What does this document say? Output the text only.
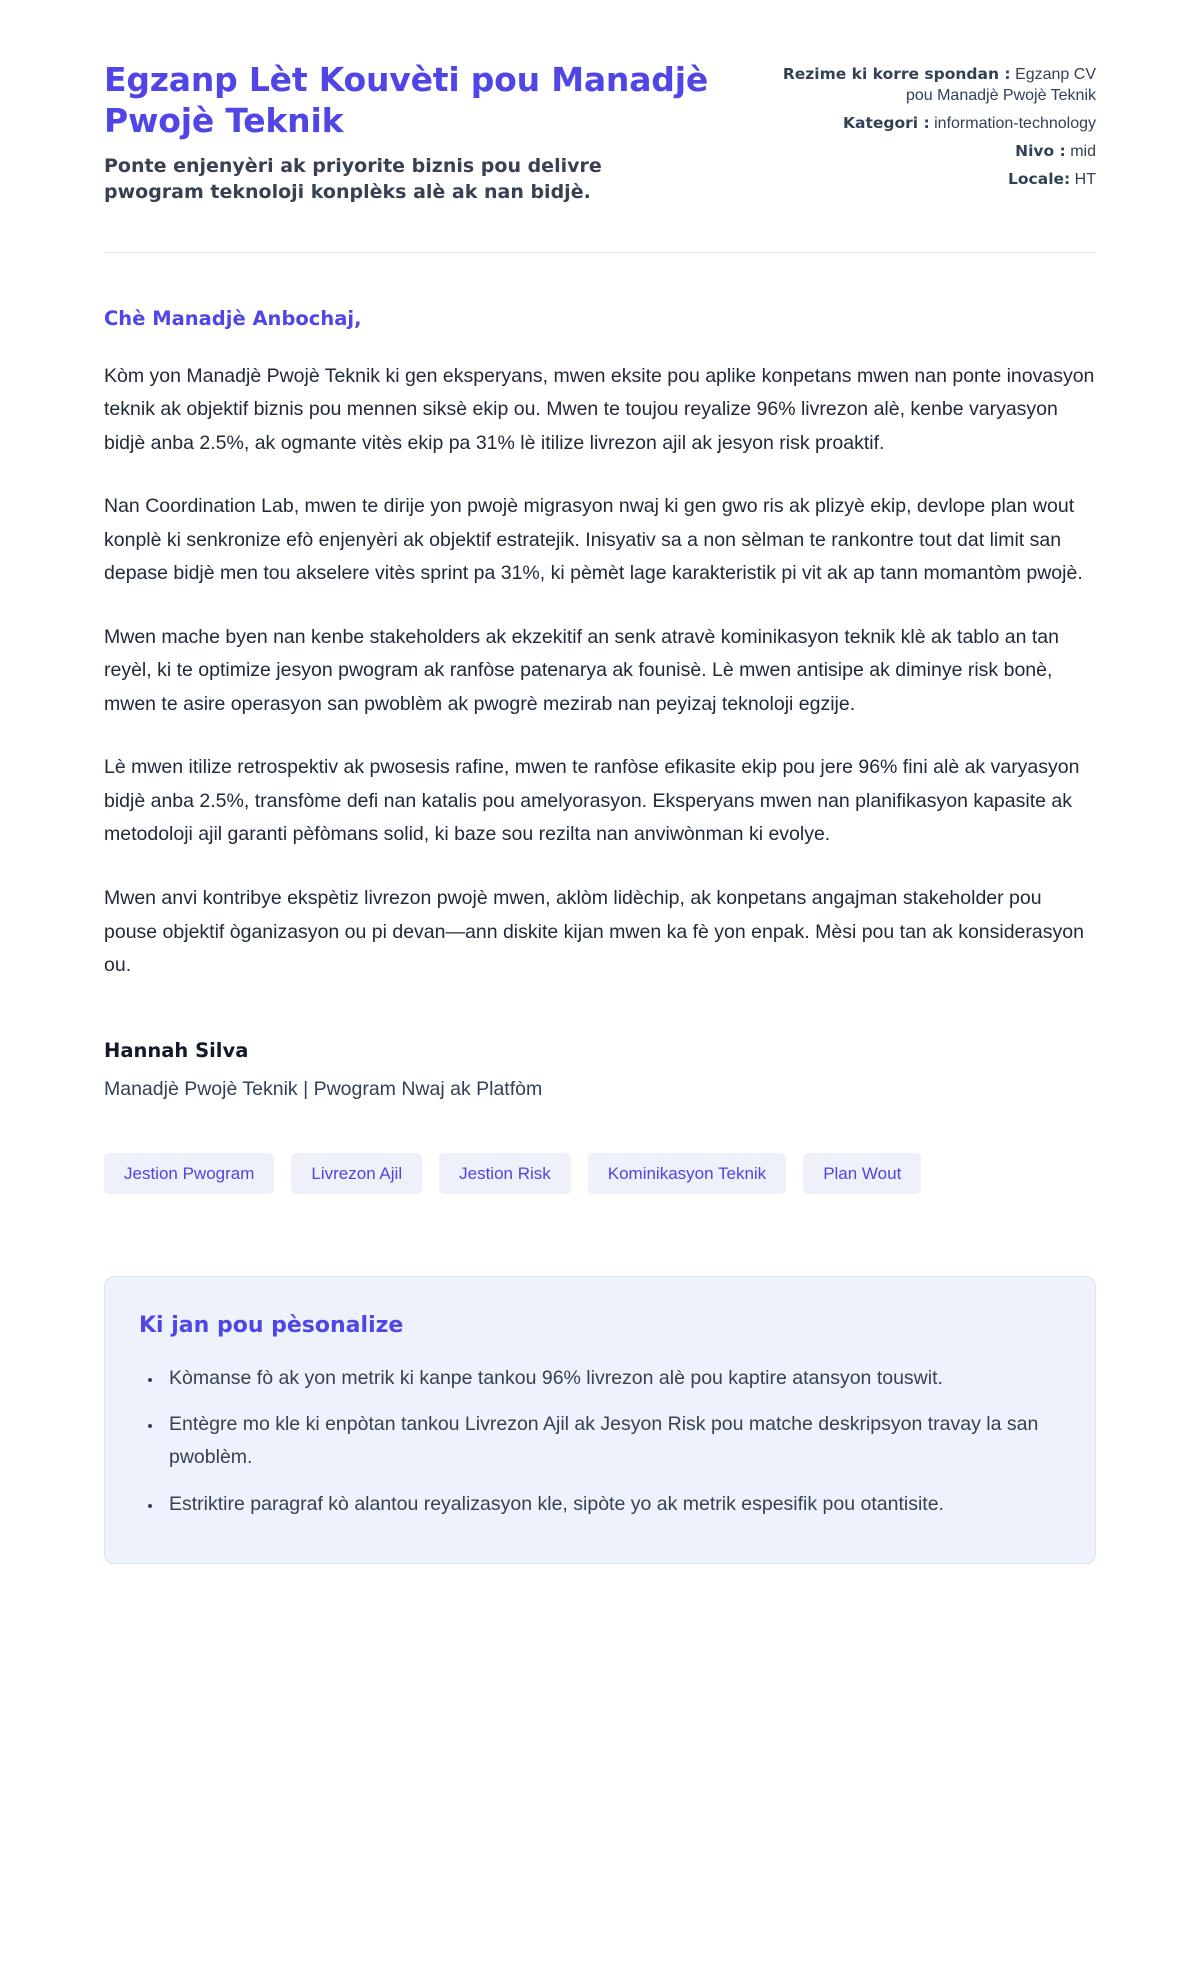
Egzanp Lèt Kouvèti pou Manadjè Pwojè Teknik

Ponte enjenyèri ak priyorite biznis pou delivre pwogram teknoloji konplèks alè ak nan bidjè.

Rezime ki korre spondan : Egzanp CV pou Manadjè Pwojè Teknik
Kategori : information-technology
Nivo : mid
Locale: HT
Chè Manadjè Anbochaj,

Kòm yon Manadjè Pwojè Teknik ki gen eksperyans, mwen eksite pou aplike konpetans mwen nan ponte inovasyon teknik ak objektif biznis pou mennen siksè ekip ou. Mwen te toujou reyalize 96% livrezon alè, kenbe varyasyon bidjè anba 2.5%, ak ogmante vitès ekip pa 31% lè itilize livrezon ajil ak jesyon risk proaktif.

Nan Coordination Lab, mwen te dirije yon pwojè migrasyon nwaj ki gen gwo ris ak plizyè ekip, devlope plan wout konplè ki senkronize efò enjenyèri ak objektif estratejik. Inisyativ sa a non sèlman te rankontre tout dat limit san depase bidjè men tou akselere vitès sprint pa 31%, ki pèmèt lage karakteristik pi vit ak ap tann momantòm pwojè.

Mwen mache byen nan kenbe stakeholders ak ekzekitif an senk atravè kominikasyon teknik klè ak tablo an tan reyèl, ki te optimize jesyon pwogram ak ranfòse patenarya ak founisè. Lè mwen antisipe ak diminye risk bonè, mwen te asire operasyon san pwoblèm ak pwogrè mezirab nan peyizaj teknoloji egzije.

Lè mwen itilize retrospektiv ak pwosesis rafine, mwen te ranfòse efikasite ekip pou jere 96% fini alè ak varyasyon bidjè anba 2.5%, transfòme defi nan katalis pou amelyorasyon. Eksperyans mwen nan planifikasyon kapasite ak metodoloji ajil garanti pèfòmans solid, ki baze sou rezilta nan anviwònman ki evolye.

Mwen anvi kontribye ekspètiz livrezon pwojè mwen, aklòm lidèchip, ak konpetans angajman stakeholder pou pouse objektif òganizasyon ou pi devan—ann diskite kijan mwen ka fè yon enpak. Mèsi pou tan ak konsiderasyon ou.

Hannah Silva
Manadjè Pwojè Teknik | Pwogram Nwaj ak Platfòm
Jestion Pwogram	Livrezon Ajil	Jestion Risk	Kominikasyon Teknik	Plan Wout
Ki jan pou pèsonalize
• Kòmanse fò ak yon metrik ki kanpe tankou 96% livrezon alè pou kaptire atansyon touswit.
• Entègre mo kle ki enpòtan tankou Livrezon Ajil ak Jesyon Risk pou matche deskripsyon travay la san pwoblèm.
• Estriktire paragraf kò alantou reyalizasyon kle, sipòte yo ak metrik espesifik pou otantisite.
